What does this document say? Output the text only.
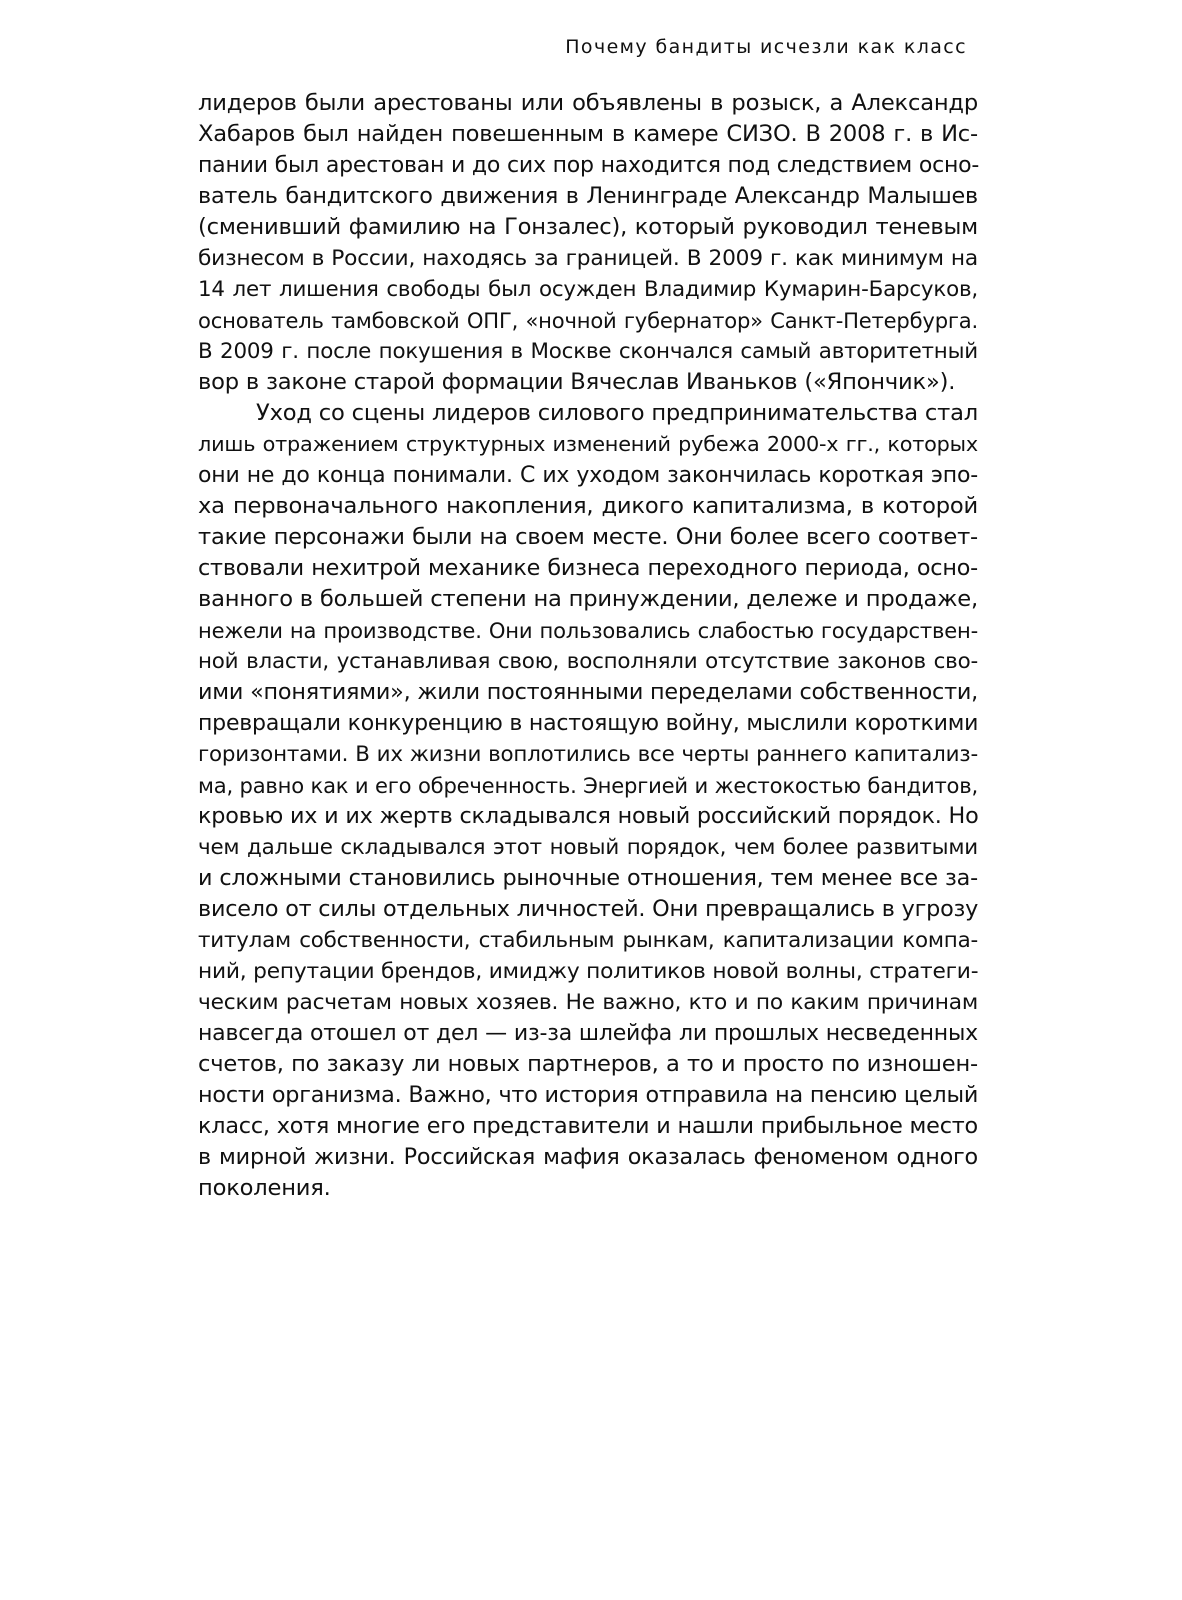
Почему бандиты исчезли как класс
лидеров были арестованы или объявлены в розыск, а Александр
Хабаров был найден повешенным в камере СИЗО. В 2008 г. в Ис-
пании был арестован и до сих пор находится под следствием осно-
ватель бандитского движения в Ленинграде Александр Малышев
(сменивший фамилию на Гонзалес), который руководил теневым
бизнесом в России, находясь за границей. В 2009 г. как минимум на
14 лет лишения свободы был осужден Владимир Кумарин-Барсуков,
основатель тамбовской ОПГ, «ночной губернатор» Санкт-Петербурга.
В 2009 г. после покушения в Москве скончался самый авторитетный
вор в законе старой формации Вячеслав Иваньков («Япончик»).
Уход со сцены лидеров силового предпринимательства стал
лишь отражением структурных изменений рубежа 2000-х гг., которых
они не до конца понимали. С их уходом закончилась короткая эпо-
ха первоначального накопления, дикого капитализма, в которой
такие персонажи были на своем месте. Они более всего соответ-
ствовали нехитрой механике бизнеса переходного периода, осно-
ванного в большей степени на принуждении, дележе и продаже,
нежели на производстве. Они пользовались слабостью государствен-
ной власти, устанавливая свою, восполняли отсутствие законов сво-
ими «понятиями», жили постоянными переделами собственности,
превращали конкуренцию в настоящую войну, мыслили короткими
горизонтами. В их жизни воплотились все черты раннего капитализ-
ма, равно как и его обреченность. Энергией и жестокостью бандитов,
кровью их и их жертв складывался новый российский порядок. Но
чем дальше складывался этот новый порядок, чем более развитыми
и сложными становились рыночные отношения, тем менее все за-
висело от силы отдельных личностей. Они превращались в угрозу
титулам собственности, стабильным рынкам, капитализации компа-
ний, репутации брендов, имиджу политиков новой волны, стратеги-
ческим расчетам новых хозяев. Не важно, кто и по каким причинам
навсегда отошел от дел — из-за шлейфа ли прошлых несведенных
счетов, по заказу ли новых партнеров, а то и просто по изношен-
ности организма. Важно, что история отправила на пенсию целый
класс, хотя многие его представители и нашли прибыльное место
в мирной жизни. Российская мафия оказалась феноменом одного
поколения.
